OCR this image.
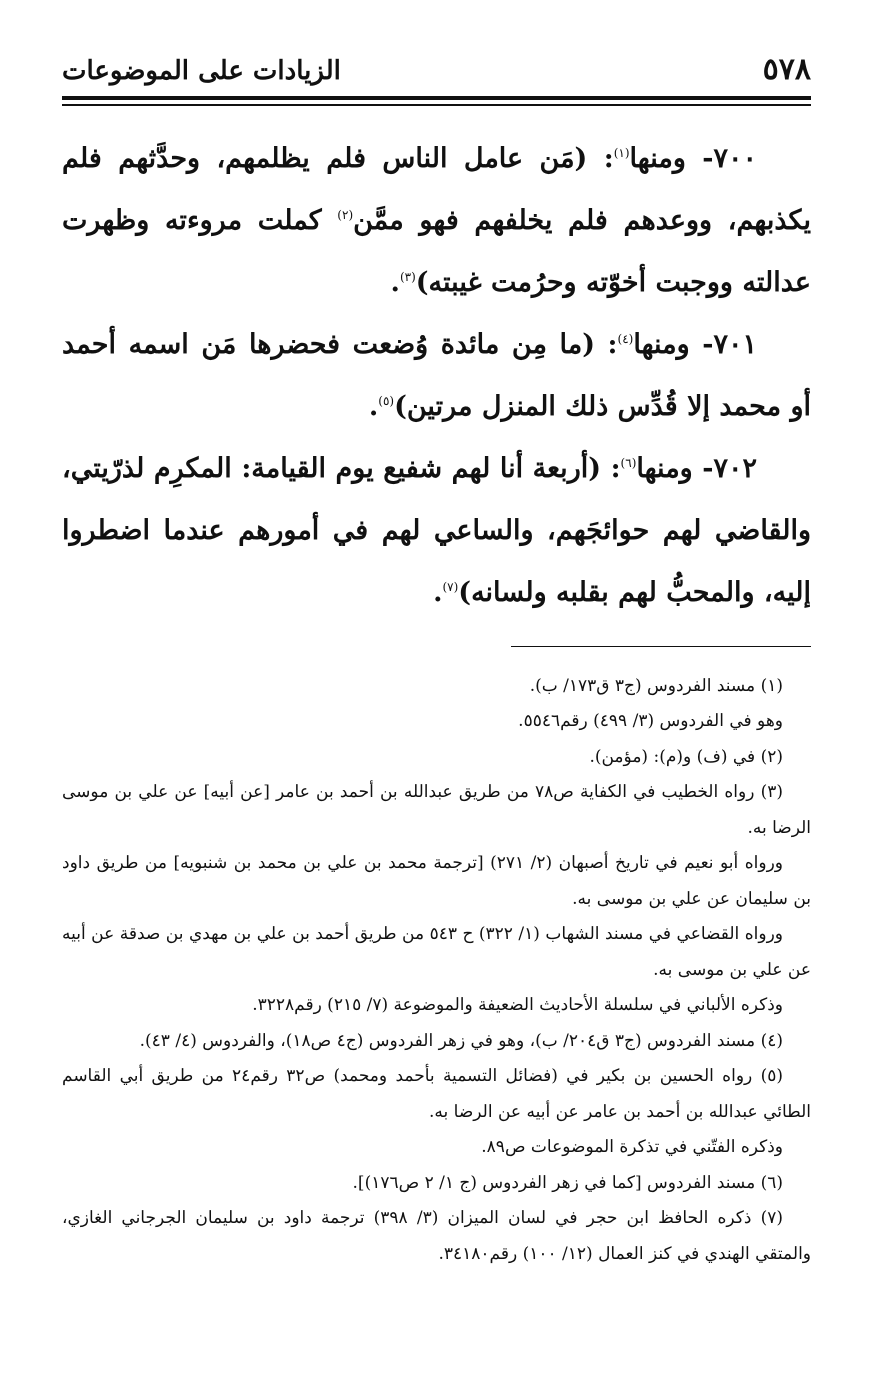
٥٧٨
الزيادات على الموضوعات

٧٠٠- ومنها$^{(١)}$: (مَن عامل الناس فلم يظلمهم، وحدَّثهم فلم يكذبهم، ووعدهم فلم يخلفهم فهو ممَّن$^{(٢)}$ كملت مروءته وظهرت عدالته ووجبت أخوّته وحرُمت غيبته)$^{(٣)}$.

٧٠١- ومنها$^{(٤)}$: (ما مِن مائدة وُضعت فحضرها مَن اسمه أحمد أو محمد إلا قُدِّس ذلك المنزل مرتين)$^{(٥)}$.

٧٠٢- ومنها$^{(٦)}$: (أربعة أنا لهم شفيع يوم القيامة: المكرِم لذرّيتي، والقاضي لهم حوائجَهم، والساعي لهم في أمورهم عندما اضطروا إليه، والمحبُّ لهم بقلبه ولسانه)$^{(٧)}$.

(١) مسند الفردوس (ج٣ ق١٧٣/ ب).

وهو في الفردوس (٣/ ٤٩٩) رقم٥٥٤٦.

(٢) في (ف) و(م): (مؤمن).

(٣) رواه الخطيب في الكفاية ص٧٨ من طريق عبدالله بن أحمد بن عامر [عن أبيه] عن علي بن موسى الرضا به.

ورواه أبو نعيم في تاريخ أصبهان (٢/ ٢٧١) [ترجمة محمد بن علي بن محمد بن شنبويه] من طريق داود بن سليمان عن علي بن موسى به.

ورواه القضاعي في مسند الشهاب (١/ ٣٢٢) ح ٥٤٣ من طريق أحمد بن علي بن مهدي بن صدقة عن أبيه عن علي بن موسى به.

وذكره الألباني في سلسلة الأحاديث الضعيفة والموضوعة (٧/ ٢١٥) رقم٣٢٢٨.

(٤) مسند الفردوس (ج٣ ق٢٠٤/ ب)، وهو في زهر الفردوس (ج٤ ص١٨)، والفردوس (٤/ ٤٣).

(٥) رواه الحسين بن بكير في (فضائل التسمية بأحمد ومحمد) ص٣٢ رقم٢٤ من طريق أبي القاسم الطائي عبدالله بن أحمد بن عامر عن أبيه عن الرضا به.

وذكره الفتّني في تذكرة الموضوعات ص٨٩.

(٦) مسند الفردوس [كما في زهر الفردوس (ج ١/ ٢ ص١٧٦)].

(٧) ذكره الحافظ ابن حجر في لسان الميزان (٣/ ٣٩٨) ترجمة داود بن سليمان الجرجاني الغازي، والمتقي الهندي في كنز العمال (١٢/ ١٠٠) رقم٣٤١٨٠.
